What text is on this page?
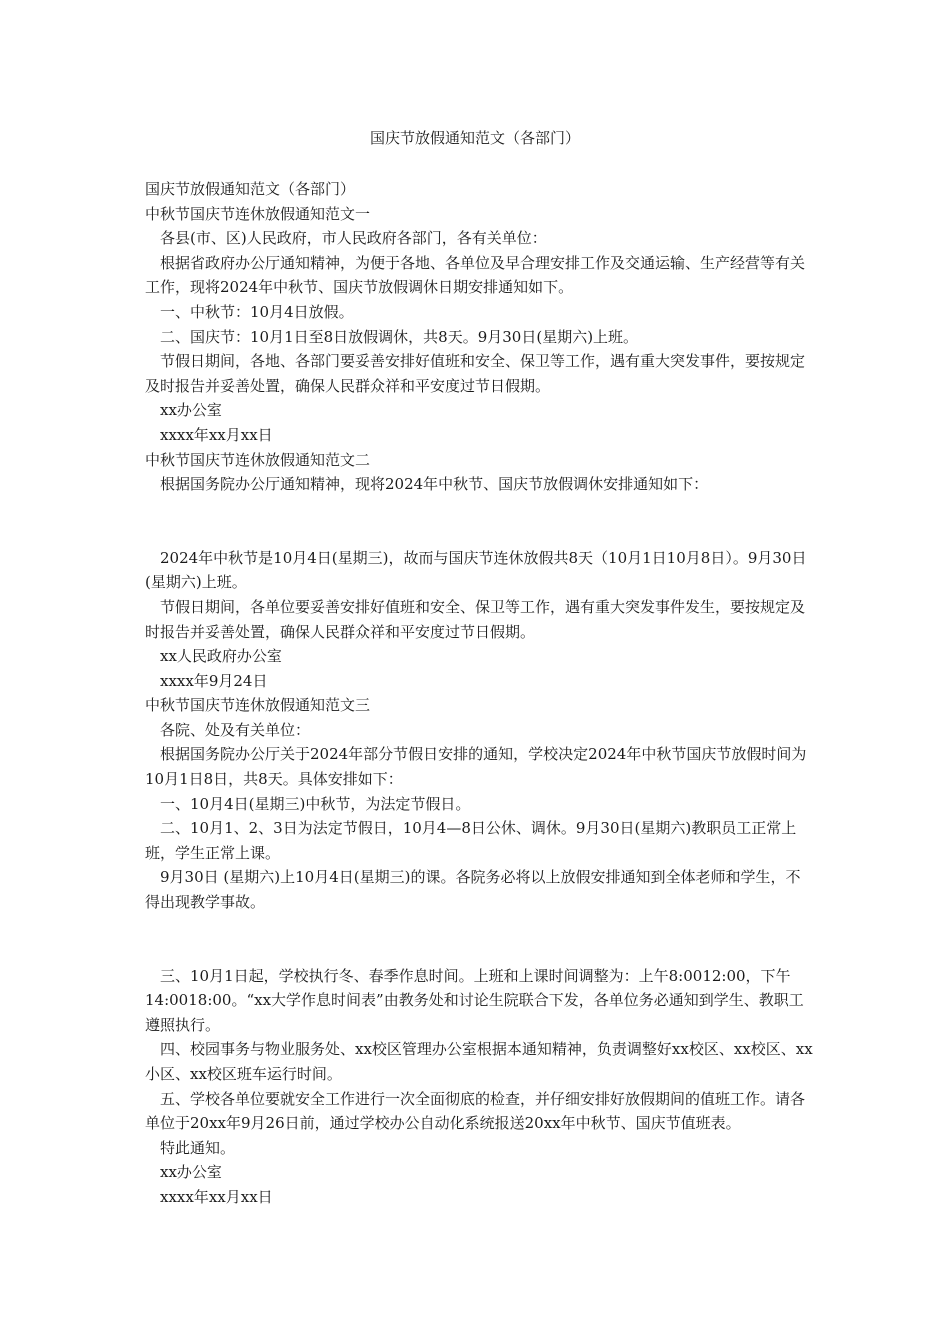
国庆节放假通知范文（各部门）

国庆节放假通知范文（各部门）

中秋节国庆节连休放假通知范文一

各县(市、区)人民政府，市人民政府各部门，各有关单位：

根据省政府办公厅通知精神，为便于各地、各单位及早合理安排工作及交通运输、生产经营等有关工作，现将2024年中秋节、国庆节放假调休日期安排通知如下。

一、中秋节：10月4日放假。

二、国庆节：10月1日至8日放假调休，共8天。9月30日(星期六)上班。

节假日期间，各地、各部门要妥善安排好值班和安全、保卫等工作，遇有重大突发事件，要按规定及时报告并妥善处置，确保人民群众祥和平安度过节日假期。

xx办公室

xxxx年xx月xx日

中秋节国庆节连休放假通知范文二

根据国务院办公厅通知精神，现将2024年中秋节、国庆节放假调休安排通知如下：

2024年中秋节是10月4日(星期三)，故而与国庆节连休放假共8天（10月1日10月8日）。9月30日(星期六)上班。

节假日期间，各单位要妥善安排好值班和安全、保卫等工作，遇有重大突发事件发生，要按规定及时报告并妥善处置，确保人民群众祥和平安度过节日假期。

xx人民政府办公室

xxxx年9月24日

中秋节国庆节连休放假通知范文三

各院、处及有关单位：

根据国务院办公厅关于2024年部分节假日安排的通知，学校决定2024年中秋节国庆节放假时间为10月1日8日，共8天。具体安排如下：

一、10月4日(星期三)中秋节，为法定节假日。

二、10月1、2、3日为法定节假日，10月4—8日公休、调休。9月30日(星期六)教职员工正常上班，学生正常上课。

9月30日 (星期六)上10月4日(星期三)的课。各院务必将以上放假安排通知到全体老师和学生，不得出现教学事故。

三、10月1日起，学校执行冬、春季作息时间。上班和上课时间调整为：上午8:0012:00，下午14:0018:00。“xx大学作息时间表”由教务处和讨论生院联合下发，各单位务必通知到学生、教职工遵照执行。

四、校园事务与物业服务处、xx校区管理办公室根据本通知精神，负责调整好xx校区、xx校区、xx小区、xx校区班车运行时间。

五、学校各单位要就安全工作进行一次全面彻底的检查，并仔细安排好放假期间的值班工作。请各单位于20xx年9月26日前，通过学校办公自动化系统报送20xx年中秋节、国庆节值班表。

特此通知。

xx办公室

xxxx年xx月xx日
